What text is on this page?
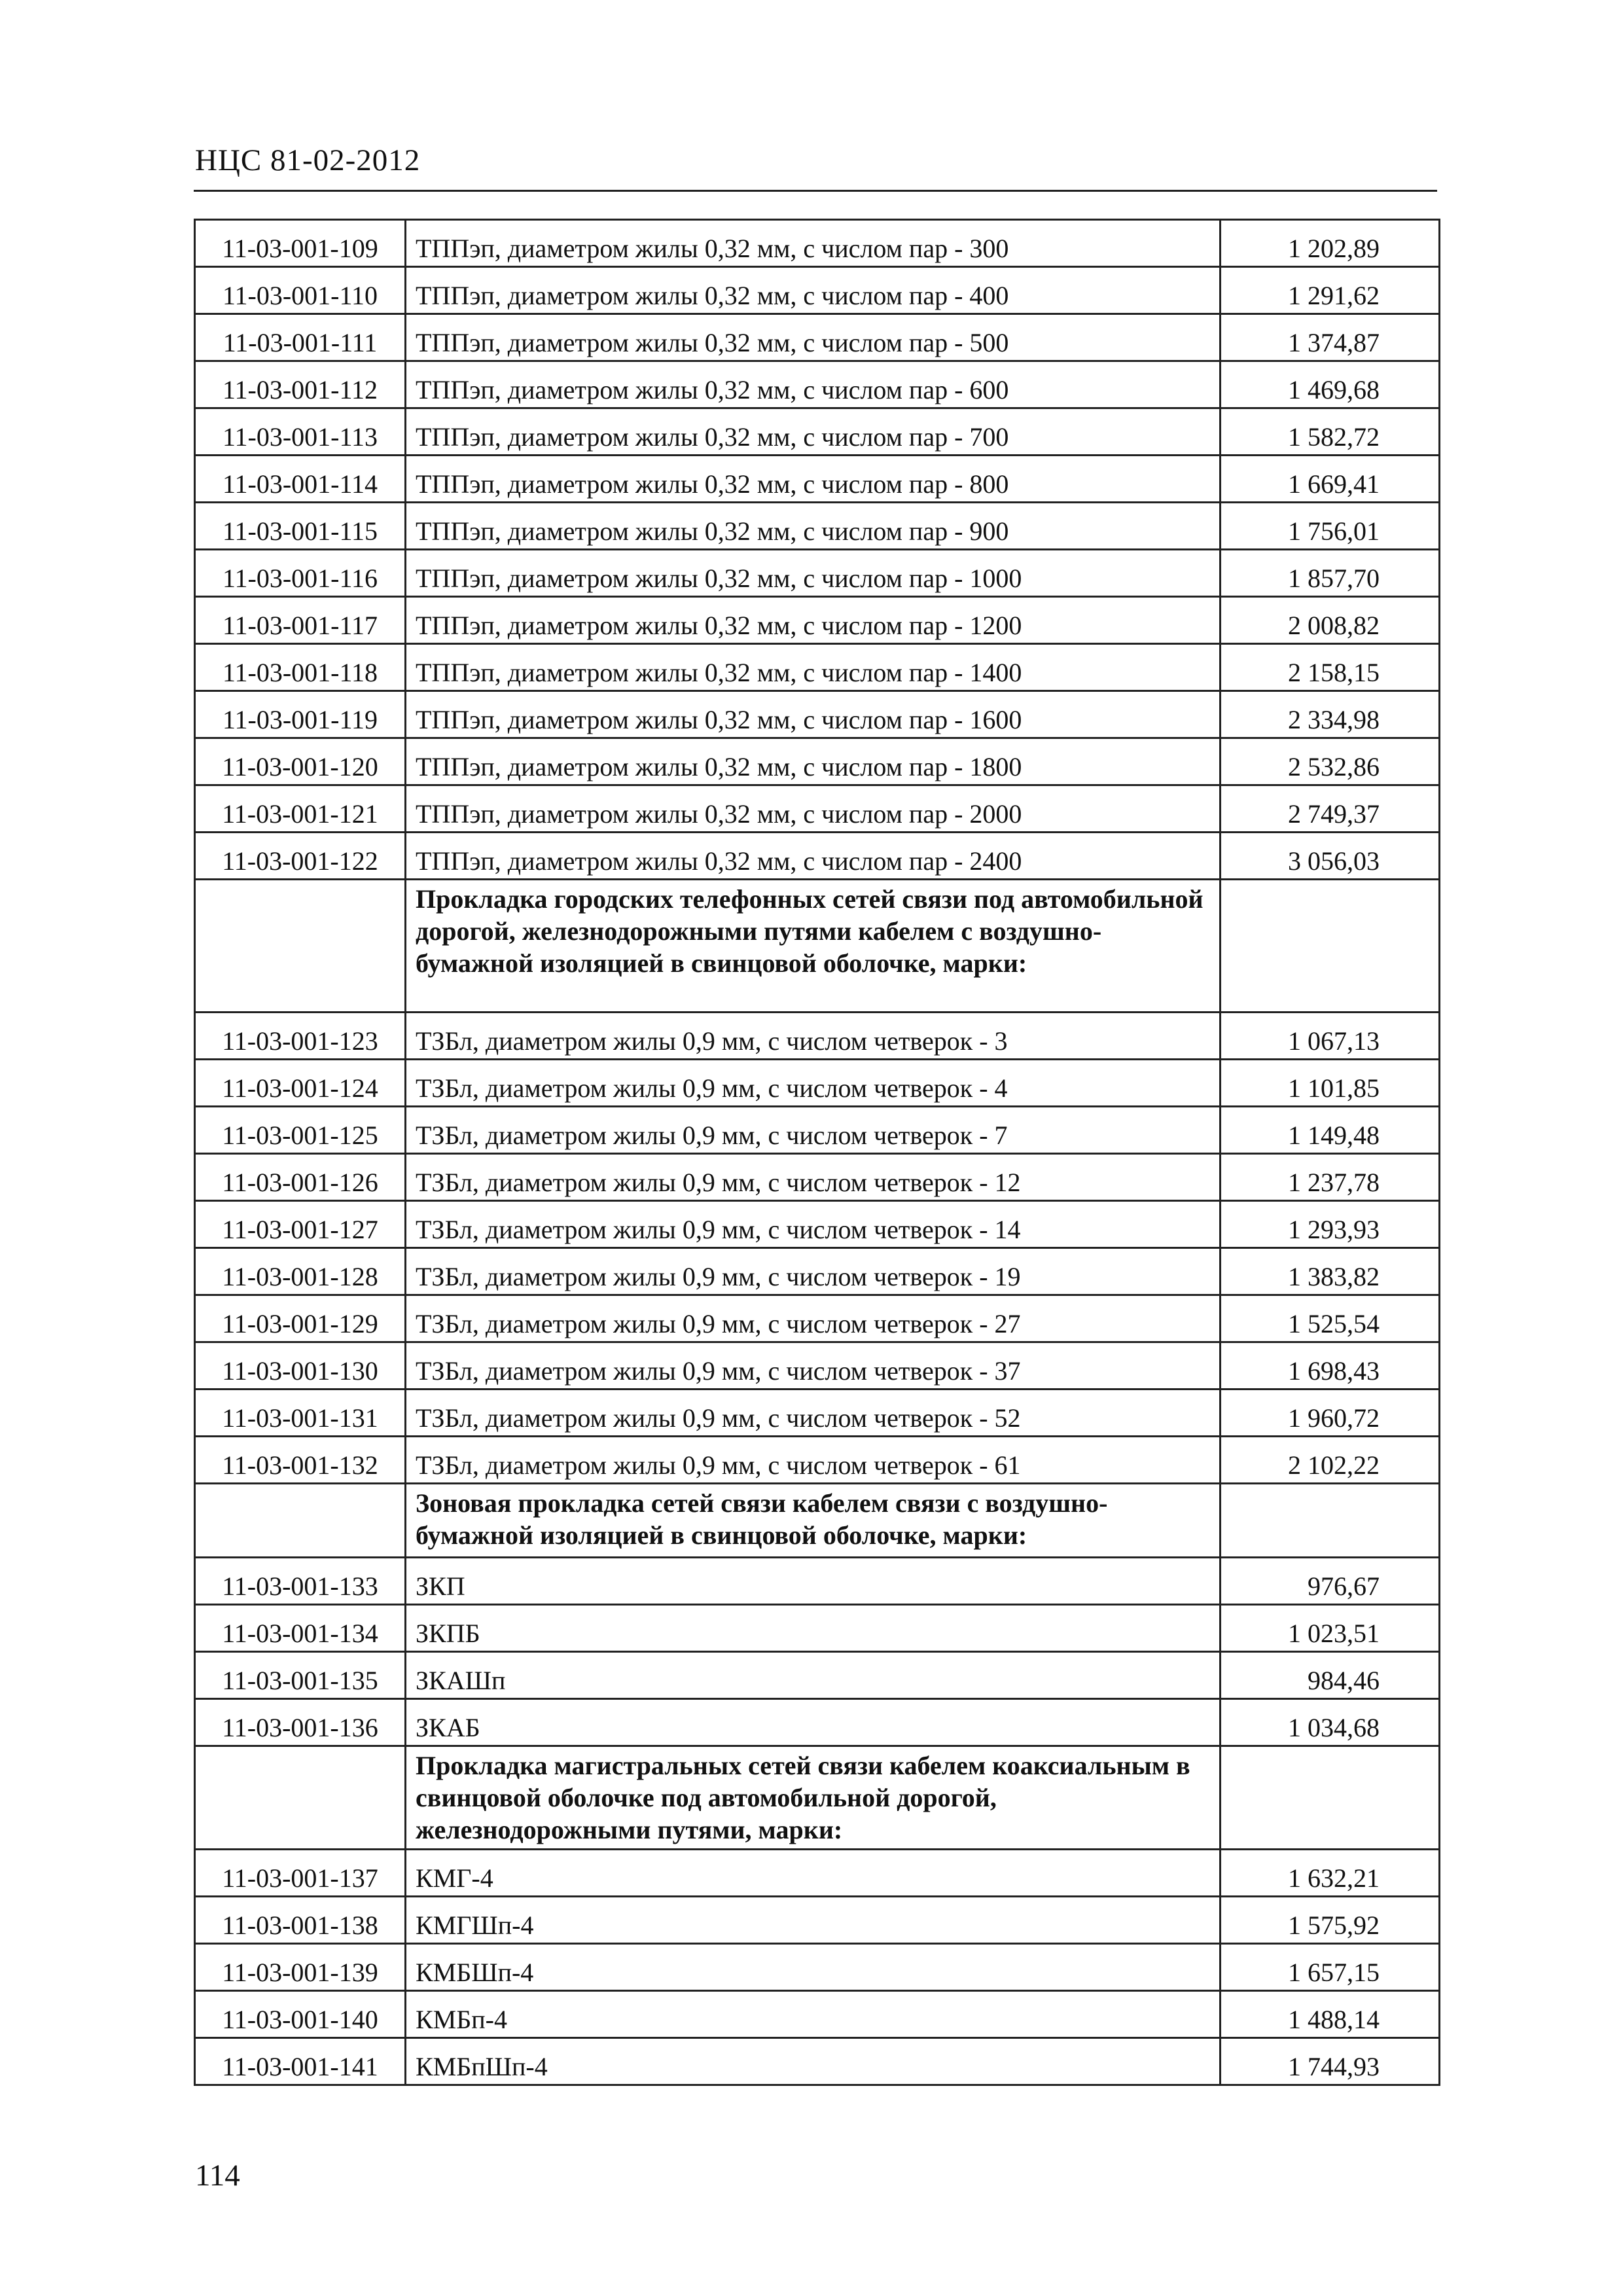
НЦС 81-02-2012
11-03-001-109	ТППэп, диаметром жилы 0,32 мм, с числом пар - 300	1 202,89
11-03-001-110	ТППэп, диаметром жилы 0,32 мм, с числом пар - 400	1 291,62
11-03-001-111	ТППэп, диаметром жилы 0,32 мм, с числом пар - 500	1 374,87
11-03-001-112	ТППэп, диаметром жилы 0,32 мм, с числом пар - 600	1 469,68
11-03-001-113	ТППэп, диаметром жилы 0,32 мм, с числом пар - 700	1 582,72
11-03-001-114	ТППэп, диаметром жилы 0,32 мм, с числом пар - 800	1 669,41
11-03-001-115	ТППэп, диаметром жилы 0,32 мм, с числом пар - 900	1 756,01
11-03-001-116	ТППэп, диаметром жилы 0,32 мм, с числом пар - 1000	1 857,70
11-03-001-117	ТППэп, диаметром жилы 0,32 мм, с числом пар - 1200	2 008,82
11-03-001-118	ТППэп, диаметром жилы 0,32 мм, с числом пар - 1400	2 158,15
11-03-001-119	ТППэп, диаметром жилы 0,32 мм, с числом пар - 1600	2 334,98
11-03-001-120	ТППэп, диаметром жилы 0,32 мм, с числом пар - 1800	2 532,86
11-03-001-121	ТППэп, диаметром жилы 0,32 мм, с числом пар - 2000	2 749,37
11-03-001-122	ТППэп, диаметром жилы 0,32 мм, с числом пар - 2400	3 056,03
	Прокладка городских телефонных сетей связи под автомобильной дорогой, железнодорожными путями кабелем с воздушно-бумажной изоляцией в свинцовой оболочке, марки:	
11-03-001-123	ТЗБл, диаметром жилы 0,9 мм, с числом четверок - 3	1 067,13
11-03-001-124	ТЗБл, диаметром жилы 0,9 мм, с числом четверок - 4	1 101,85
11-03-001-125	ТЗБл, диаметром жилы 0,9 мм, с числом четверок - 7	1 149,48
11-03-001-126	ТЗБл, диаметром жилы 0,9 мм, с числом четверок - 12	1 237,78
11-03-001-127	ТЗБл, диаметром жилы 0,9 мм, с числом четверок - 14	1 293,93
11-03-001-128	ТЗБл, диаметром жилы 0,9 мм, с числом четверок - 19	1 383,82
11-03-001-129	ТЗБл, диаметром жилы 0,9 мм, с числом четверок - 27	1 525,54
11-03-001-130	ТЗБл, диаметром жилы 0,9 мм, с числом четверок - 37	1 698,43
11-03-001-131	ТЗБл, диаметром жилы 0,9 мм, с числом четверок - 52	1 960,72
11-03-001-132	ТЗБл, диаметром жилы 0,9 мм, с числом четверок - 61	2 102,22
	Зоновая прокладка сетей связи кабелем связи с воздушно-бумажной изоляцией в свинцовой оболочке, марки:	
11-03-001-133	ЗКП	976,67
11-03-001-134	ЗКПБ	1 023,51
11-03-001-135	ЗКАШп	984,46
11-03-001-136	ЗКАБ	1 034,68
	Прокладка магистральных сетей связи кабелем коаксиальным в свинцовой оболочке под автомобильной дорогой, железнодорожными путями, марки:	
11-03-001-137	КМГ-4	1 632,21
11-03-001-138	КМГШп-4	1 575,92
11-03-001-139	КМБШп-4	1 657,15
11-03-001-140	КМБп-4	1 488,14
11-03-001-141	КМБпШп-4	1 744,93
114
